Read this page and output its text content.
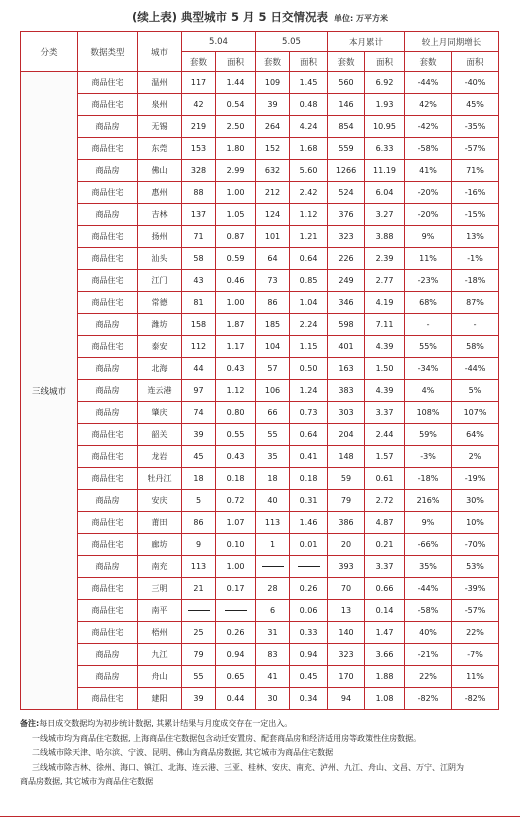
(续上表) 典型城市 5 月 5 日交情况表 单位: 万平方米
分类	数据类型	城市	5.04		5.05		本月累计		较上月同期增长	
			套数	面积	套数	面积	套数	面积	套数	面积
三线城市	商品住宅	温州	117	1.44	109	1.45	560	6.92	-44%	-40%
	商品住宅	泉州	42	0.54	39	0.48	146	1.93	42%	45%
	商品房	无锡	219	2.50	264	4.24	854	10.95	-42%	-35%
	商品住宅	东莞	153	1.80	152	1.68	559	6.33	-58%	-57%
	商品房	佛山	328	2.99	632	5.60	1266	11.19	41%	71%
	商品住宅	惠州	88	1.00	212	2.42	524	6.04	-20%	-16%
	商品房	吉林	137	1.05	124	1.12	376	3.27	-20%	-15%
	商品住宅	扬州	71	0.87	101	1.21	323	3.88	9%	13%
	商品住宅	汕头	58	0.59	64	0.64	226	2.39	11%	-1%
	商品住宅	江门	43	0.46	73	0.85	249	2.77	-23%	-18%
	商品住宅	常德	81	1.00	86	1.04	346	4.19	68%	87%
	商品房	潍坊	158	1.87	185	2.24	598	7.11	-	-
	商品住宅	泰安	112	1.17	104	1.15	401	4.39	55%	58%
	商品房	北海	44	0.43	57	0.50	163	1.50	-34%	-44%
	商品房	连云港	97	1.12	106	1.24	383	4.39	4%	5%
	商品房	肇庆	74	0.80	66	0.73	303	3.37	108%	107%
	商品住宅	韶关	39	0.55	55	0.64	204	2.44	59%	64%
	商品住宅	龙岩	45	0.43	35	0.41	148	1.57	-3%	2%
	商品住宅	牡丹江	18	0.18	18	0.18	59	0.61	-18%	-19%
	商品房	安庆	5	0.72	40	0.31	79	2.72	216%	30%
	商品住宅	莆田	86	1.07	113	1.46	386	4.87	9%	10%
	商品住宅	廊坊	9	0.10	1	0.01	20	0.21	-66%	-70%
	商品房	南充	113	1.00			393	3.37	35%	53%
	商品住宅	三明	21	0.17	28	0.26	70	0.66	-44%	-39%
	商品住宅	南平			6	0.06	13	0.14	-58%	-57%
	商品住宅	梧州	25	0.26	31	0.33	140	1.47	40%	22%
	商品房	九江	79	0.94	83	0.94	323	3.66	-21%	-7%
	商品房	舟山	55	0.65	41	0.45	170	1.88	22%	11%
	商品住宅	建阳	39	0.44	30	0.34	94	1.08	-82%	-82%

备注:每日成交数据均为初步统计数据, 其累计结果与月度成交存在一定出入。

一线城市均为商品住宅数据, 上海商品住宅数据包含动迁安置房、配套商品房和经济适用房等政策性住房数据。

二线城市除天津、哈尔滨、宁波、昆明、佛山为商品房数据, 其它城市为商品住宅数据

三线城市除吉林、徐州、海口、镇江、北海、连云港、三亚、桂林、安庆、南充、泸州、九江、舟山、文昌、万宁、江阴为

商品房数据, 其它城市为商品住宅数据
